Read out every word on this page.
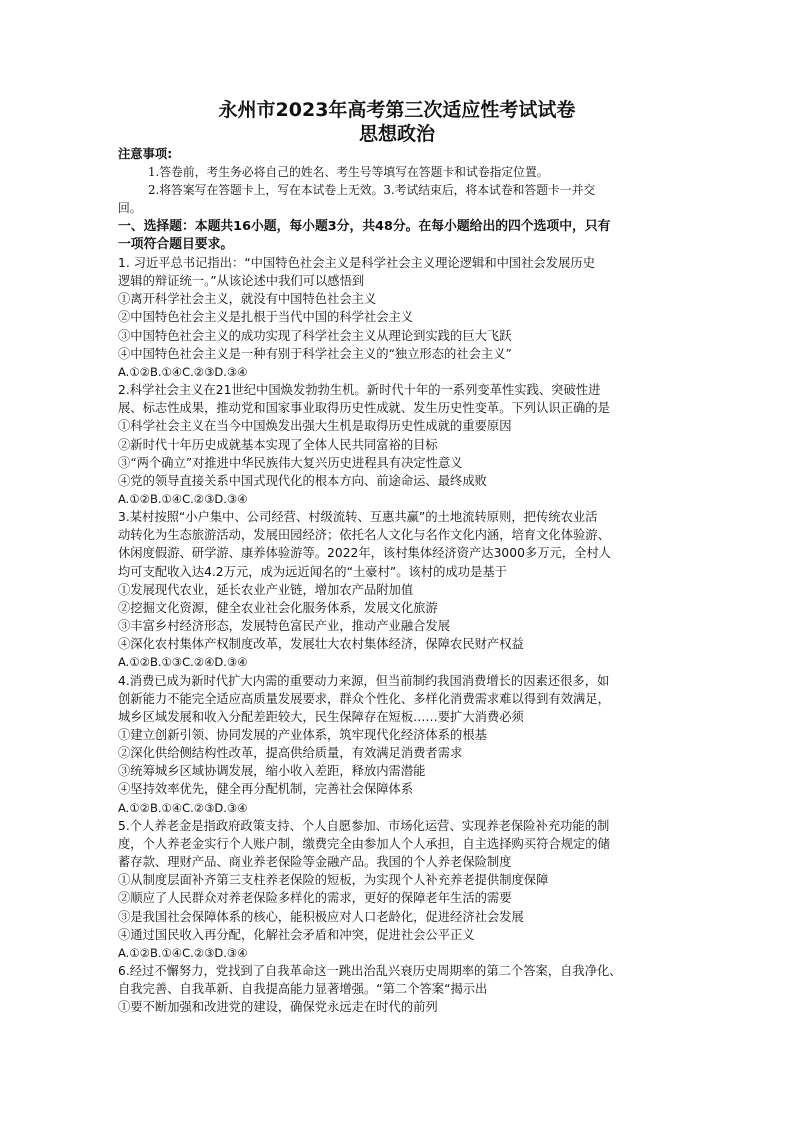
永州市2023年高考第三次适应性考试试卷
思想政治
注意事项:
1.答卷前，考生务必将自己的姓名、考生号等填写在答题卡和试卷指定位置。
2.将答案写在答题卡上，写在本试卷上无效。3.考试结束后，将本试卷和答题卡一并交
回。
一、选择题：本题共16小题，每小题3分，共48分。在每小题给出的四个选项中，只有
一项符合题目要求。
1. 习近平总书记指出：“中国特色社会主义是科学社会主义理论逻辑和中国社会发展历史
逻辑的辩证统一。”从该论述中我们可以感悟到
①离开科学社会主义，就没有中国特色社会主义
②中国特色社会主义是扎根于当代中国的科学社会主义
③中国特色社会主义的成功实现了科学社会主义从理论到实践的巨大飞跃
④中国特色社会主义是一种有别于科学社会主义的“独立形态的社会主义”
A.①②B.①④C.②③D.③④
2.科学社会主义在21世纪中国焕发勃勃生机。新时代十年的一系列变革性实践、突破性进
展、标志性成果，推动党和国家事业取得历史性成就、发生历史性变革。下列认识正确的是
①科学社会主义在当今中国焕发出强大生机是取得历史性成就的重要原因
②新时代十年历史成就基本实现了全体人民共同富裕的目标
③“两个确立”对推进中华民族伟大复兴历史进程具有决定性意义
④党的领导直接关系中国式现代化的根本方向、前途命运、最终成败
A.①②B.①④C.②③D.③④
3.某村按照“小户集中、公司经营、村级流转、互惠共赢”的土地流转原则，把传统农业活
动转化为生态旅游活动，发展田园经济；依托名人文化与名作文化内涵，培育文化体验游、
休闲度假游、研学游、康养体验游等。2022年，该村集体经济资产达3000多万元，全村人
均可支配收入达4.2万元，成为远近闻名的“土豪村”。该村的成功是基于
①发展现代农业，延长农业产业链，增加农产品附加值
②挖掘文化资源，健全农业社会化服务体系，发展文化旅游
③丰富乡村经济形态，发展特色富民产业，推动产业融合发展
④深化农村集体产权制度改革，发展壮大农村集体经济，保障农民财产权益
A.①②B.①③C.②④D.③④
4.消费已成为新时代扩大内需的重要动力来源，但当前制约我国消费增长的因素还很多，如
创新能力不能完全适应高质量发展要求，群众个性化、多样化消费需求难以得到有效满足，
城乡区域发展和收入分配差距较大，民生保障存在短板……要扩大消费必须
①建立创新引领、协同发展的产业体系，筑牢现代化经济体系的根基
②深化供给侧结构性改革，提高供给质量，有效满足消费者需求
③统筹城乡区域协调发展，缩小收入差距，释放内需潜能
④坚持效率优先，健全再分配机制，完善社会保障体系
A.①②B.①④C.②③D.③④
5.个人养老金是指政府政策支持、个人自愿参加、市场化运营、实现养老保险补充功能的制
度，个人养老金实行个人账户制，缴费完全由参加人个人承担，自主选择购买符合规定的储
蓄存款、理财产品、商业养老保险等金融产品。我国的个人养老保险制度
①从制度层面补齐第三支柱养老保险的短板，为实现个人补充养老提供制度保障
②顺应了人民群众对养老保险多样化的需求，更好的保障老年生活的需要
③是我国社会保障体系的核心，能积极应对人口老龄化，促进经济社会发展
④通过国民收入再分配，化解社会矛盾和冲突，促进社会公平正义
A.①②B.①④C.②③D.③④
6.经过不懈努力，党找到了自我革命这一跳出治乱兴衰历史周期率的第二个答案，自我净化、
自我完善、自我革新、自我提高能力显著增强。“第二个答案“揭示出
①要不断加强和改进党的建设，确保党永远走在时代的前列
